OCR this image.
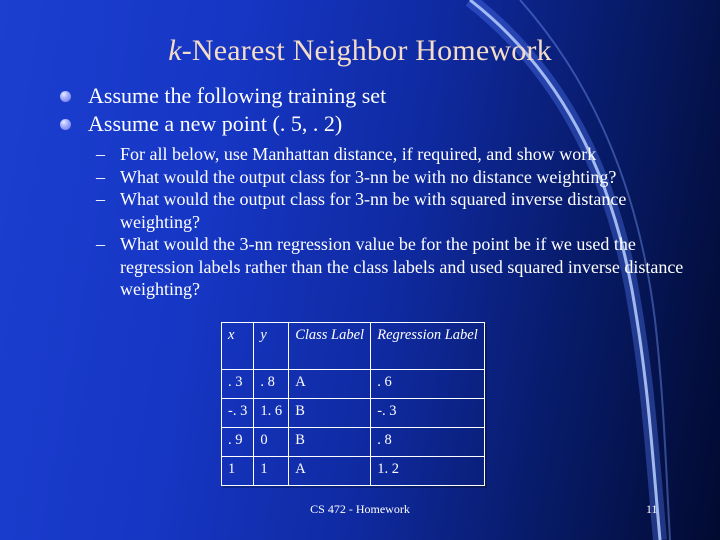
k-Nearest Neighbor Homework

Assume the following training set

Assume a new point (. 5, . 2)

– For all below, use Manhattan distance, if required, and show work

– What would the output class for 3-nn be with no distance weighting?

– What would the output class for 3-nn be with squared inverse distance weighting?

– What would the 3-nn regression value be for the point be if we used the regression labels rather than the class labels and used squared inverse distance weighting?

x	y	Class Label	Regression Label
. 3	. 8	A	. 6
-. 3	1. 6	B	-. 3
. 9	0	B	. 8
1	1	A	1. 2
CS 472 - Homework	11
